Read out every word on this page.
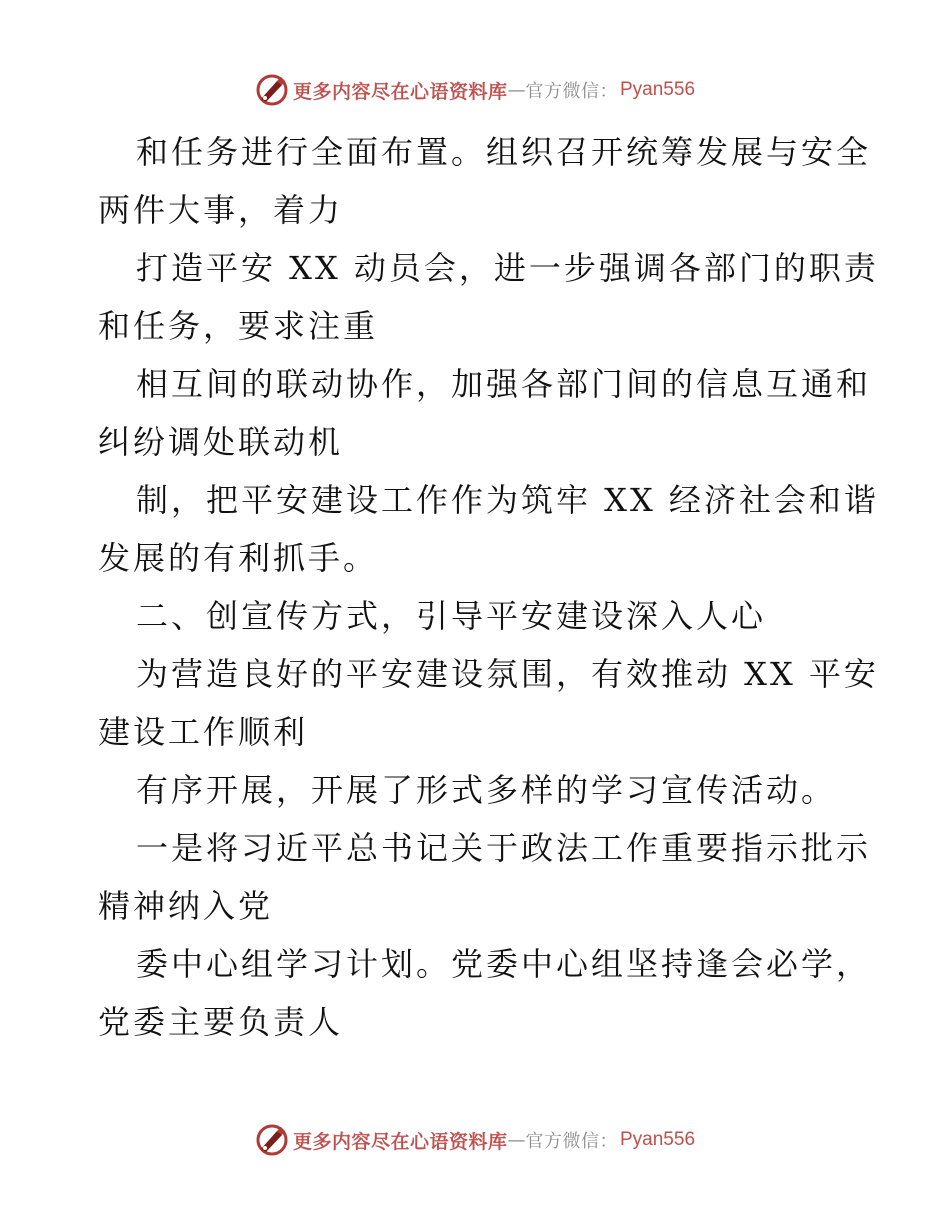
更多内容尽在心语资料库 — 官方微信： Pyan556
和任务进行全面布置。组织召开统筹发展与安全
两件大事，着力
打造平安 XX 动员会，进一步强调各部门的职责
和任务，要求注重
相互间的联动协作，加强各部门间的信息互通和
纠纷调处联动机
制，把平安建设工作作为筑牢 XX 经济社会和谐
发展的有利抓手。
二、创宣传方式，引导平安建设深入人心
为营造良好的平安建设氛围，有效推动 XX 平安
建设工作顺利
有序开展，开展了形式多样的学习宣传活动。
一是将习近平总书记关于政法工作重要指示批示
精神纳入党
委中心组学习计划。党委中心组坚持逢会必学，
党委主要负责人
更多内容尽在心语资料库 — 官方微信： Pyan556
